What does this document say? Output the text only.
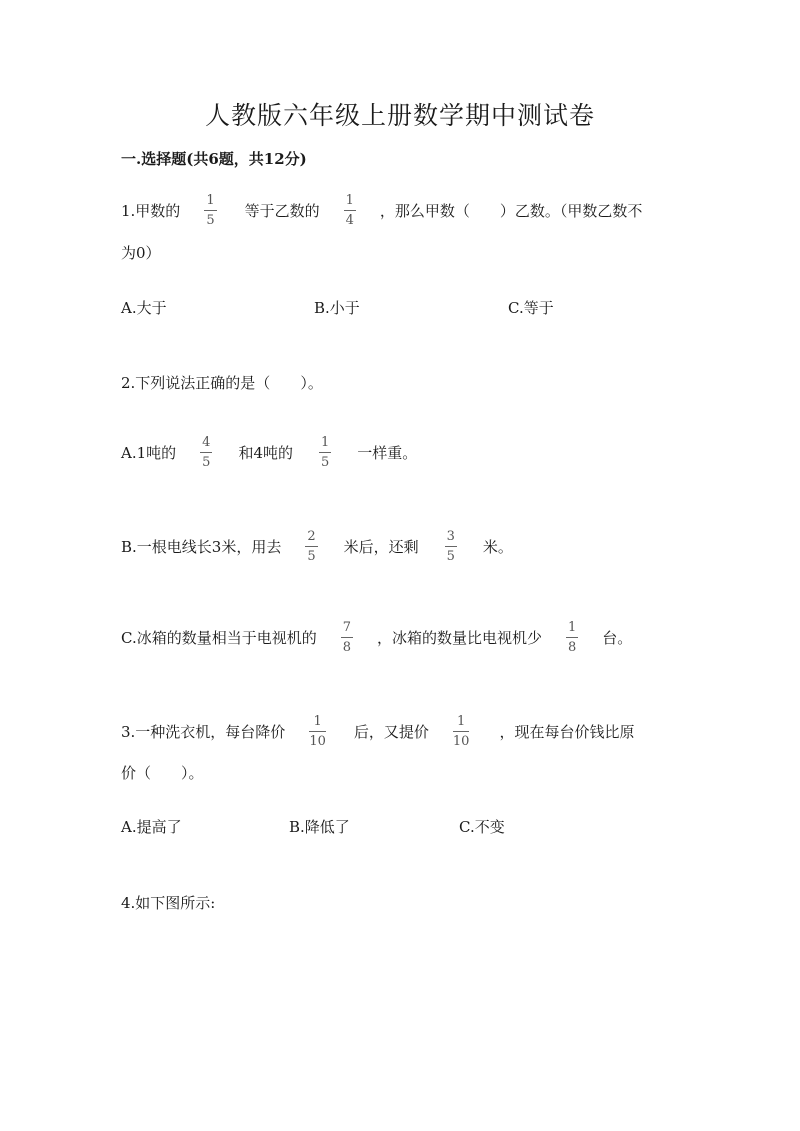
人教版六年级上册数学期中测试卷
一.选择题(共6题，共12分)
1.甲数的 $\frac{1}{5}$ 等于乙数的 $\frac{1}{4}$ ，那么甲数（　　）乙数。（甲数乙数不
为0）
A.大于	B.小于	C.等于
2.下列说法正确的是（　　）。
A.1吨的 $\frac{4}{5}$ 和4吨的 $\frac{1}{5}$ 一样重。
B.一根电线长3米，用去 $\frac{2}{5}$ 米后，还剩 $\frac{3}{5}$ 米。
C.冰箱的数量相当于电视机的 $\frac{7}{8}$ ，冰箱的数量比电视机少 $\frac{1}{8}$ 台。
3.一种洗衣机，每台降价 $\frac{1}{10}$ 后，又提价 $\frac{1}{10}$ ，现在每台价钱比原
价（　　）。
A.提高了	B.降低了	C.不变
4.如下图所示:
